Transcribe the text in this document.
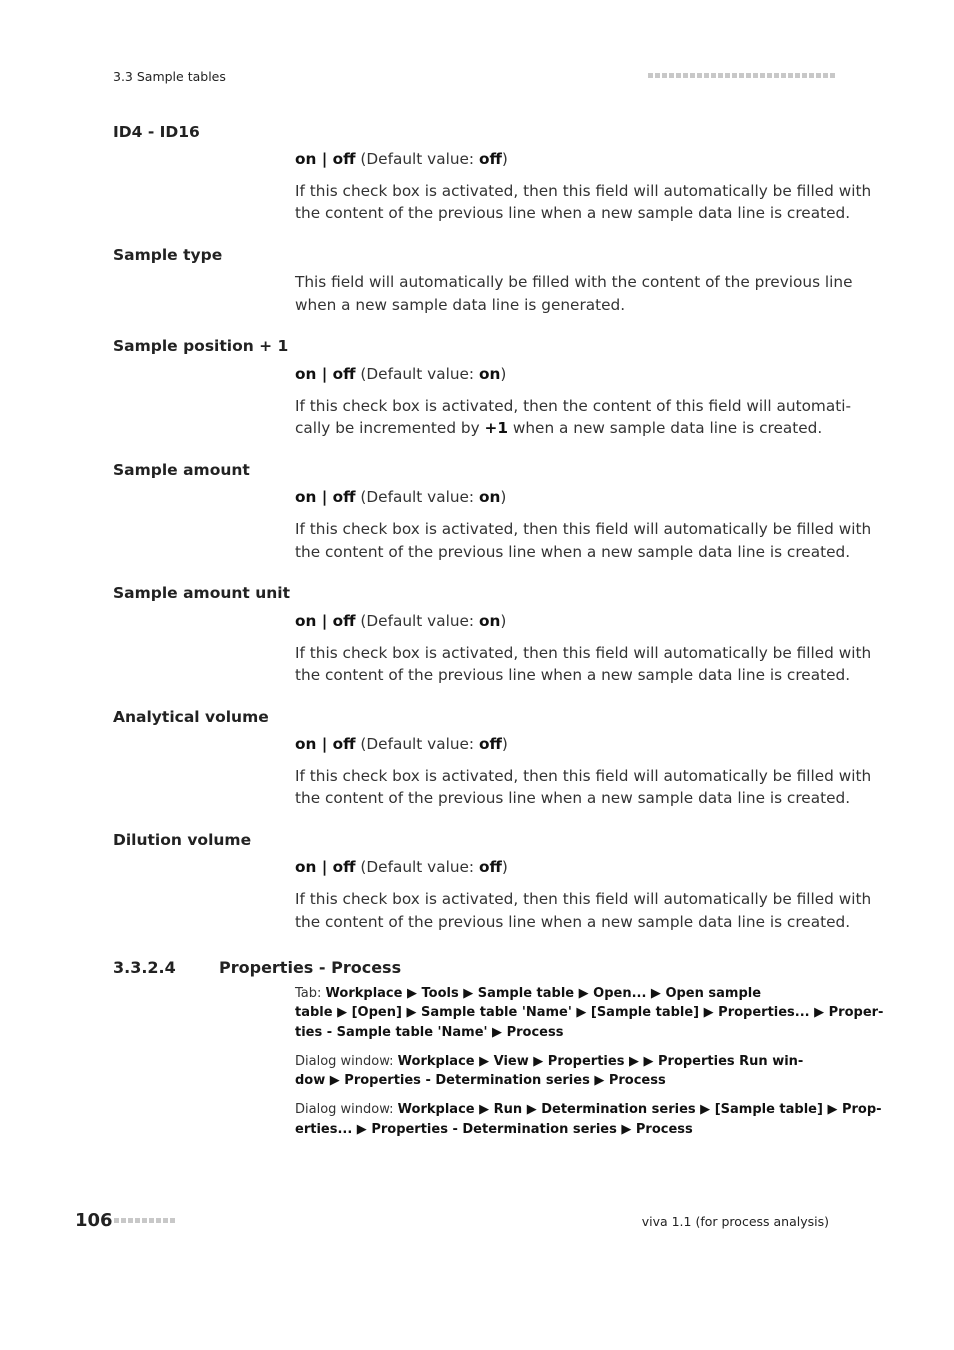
3.3 Sample tables
ID4 - ID16
on | off (Default value: off)
If this check box is activated, then this field will automatically be filled with
the content of the previous line when a new sample data line is created.
Sample type
This field will automatically be filled with the content of the previous line
when a new sample data line is generated.
Sample position + 1
on | off (Default value: on)
If this check box is activated, then the content of this field will automati-
cally be incremented by +1 when a new sample data line is created.
Sample amount
on | off (Default value: on)
If this check box is activated, then this field will automatically be filled with
the content of the previous line when a new sample data line is created.
Sample amount unit
on | off (Default value: on)
If this check box is activated, then this field will automatically be filled with
the content of the previous line when a new sample data line is created.
Analytical volume
on | off (Default value: off)
If this check box is activated, then this field will automatically be filled with
the content of the previous line when a new sample data line is created.
Dilution volume
on | off (Default value: off)
If this check box is activated, then this field will automatically be filled with
the content of the previous line when a new sample data line is created.
3.3.2.4	Properties - Process
Tab: Workplace ▶ Tools ▶ Sample table ▶ Open... ▶ Open sample
table ▶ [Open] ▶ Sample table 'Name' ▶ [Sample table] ▶ Properties... ▶ Proper-
ties - Sample table 'Name' ▶ Process
Dialog window: Workplace ▶ View ▶ Properties ▶ ▶ Properties Run win-
dow ▶ Properties - Determination series ▶ Process
Dialog window: Workplace ▶ Run ▶ Determination series ▶ [Sample table] ▶ Prop-
erties... ▶ Properties - Determination series ▶ Process
106	viva 1.1 (for process analysis)
